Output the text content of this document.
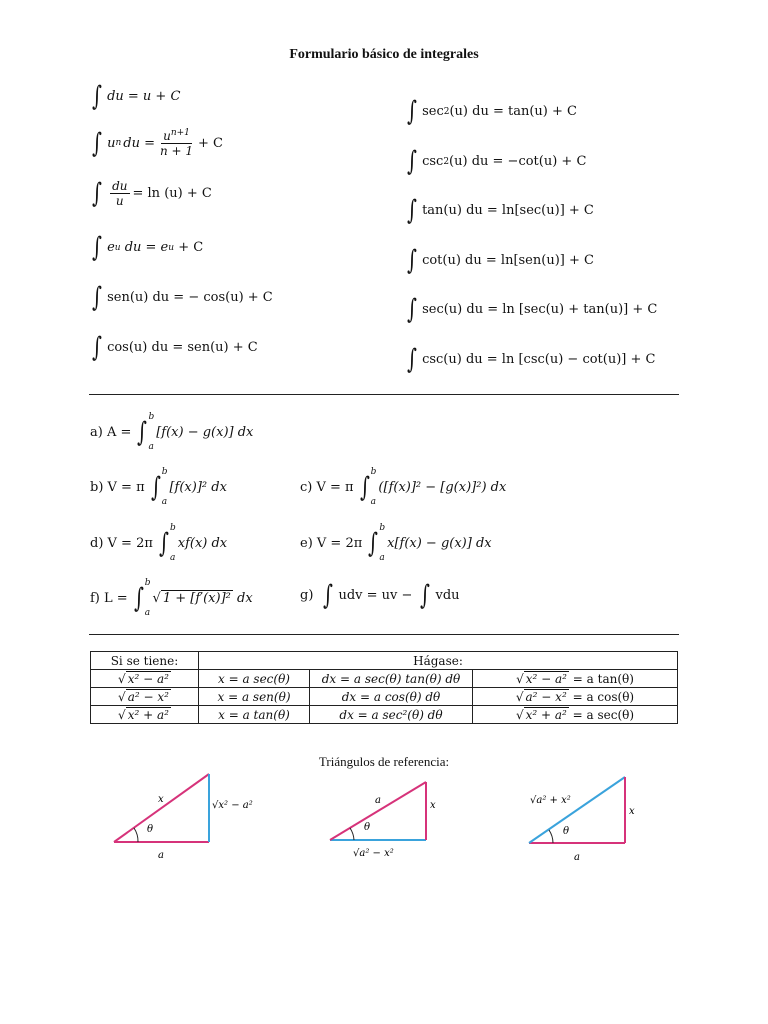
Formulario básico de integrales
∫ du = u + C
∫ u n du = $\frac{u^{n+1}}{n + 1} + C$
∫ $\frac{du}{u} = \ln (u) + C$
∫ e u du = e u + C
∫ sen(u) du = − cos(u) + C
∫ cos(u) du = sen(u) + C
∫ sec 2 (u) du = tan(u) + C
∫ csc 2 (u) du = −cot(u) + C
∫ tan(u) du = ln[sec(u)] + C
∫ cot(u) du = ln[sen(u)] + C
∫ sec(u) du = ln [sec(u) + tan(u)] + C
∫ csc(u) du = ln [csc(u) − cot(u)] + C
a) A = ∫ b
a
[f(x) − g(x)] dx
b) V = π ∫ b
a
[f(x)]² dx	c) V = π ∫ b
a
([f(x)]² − [g(x)]²) dx
d) V = 2π ∫ b
a
xf(x) dx	e) V = 2π ∫ b
a
x[f(x) − g(x)] dx
f) L = ∫ b
a
√ 1 + [f′(x)]² dx	g) ∫ udv = uv − ∫ vdu
Si se tiene:	Hágase:		
√ x² − a²	x = a sec(θ)	dx = a sec(θ) tan(θ) dθ	√ x² − a² = a tan(θ)
√ a² − x²	x = a sen(θ)	dx = a cos(θ) dθ	√ a² − x² = a cos(θ)
√ x² + a²	x = a tan(θ)	dx = a sec²(θ) dθ	√ x² + a² = a sec(θ)
Triángulos de referencia:
x
√x² − a²
a
θ
a	x
√a² − x²
θ
√a² + x²
x
a
θ
